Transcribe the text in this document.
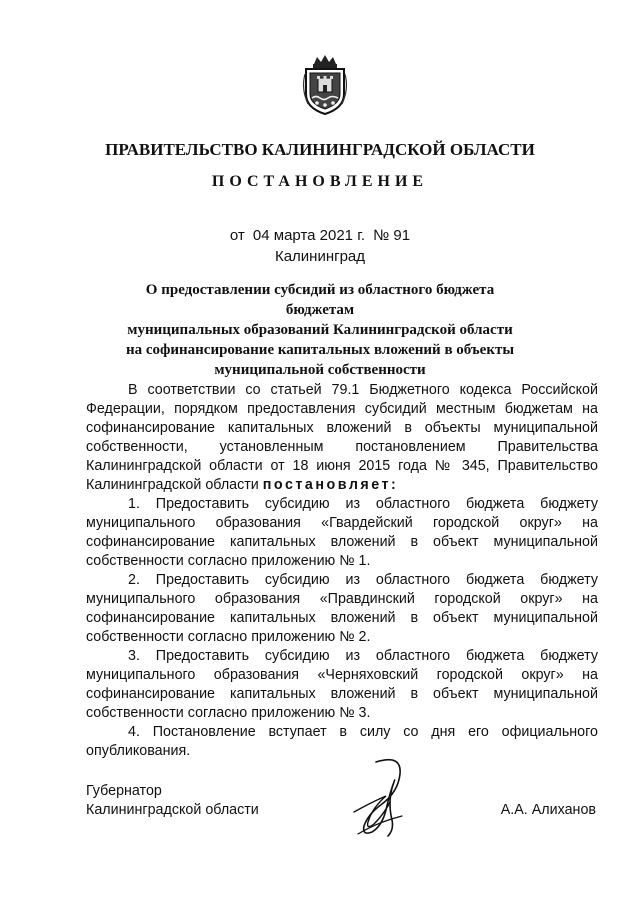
ПРАВИТЕЛЬСТВО КАЛИНИНГРАДСКОЙ ОБЛАСТИ
ПОСТАНОВЛЕНИЕ
от 04 марта 2021 г. № 91
Калининград
О предоставлении субсидий из областного бюджета бюджетам
муниципальных образований Калининградской области
на софинансирование капитальных вложений в объекты
муниципальной собственности

В соответствии со статьей 79.1 Бюджетного кодекса Российской Федерации, порядком предоставления субсидий местным бюджетам на софинансирование капитальных вложений в объекты муниципальной собственности, установленным постановлением Правительства Калининградской области от 18 июня 2015 года № 345, Правительство Калининградской области постановляет:

1. Предоставить субсидию из областного бюджета бюджету муниципального образования «Гвардейский городской округ» на софинансирование капитальных вложений в объект муниципальной собственности согласно приложению № 1.

2. Предоставить субсидию из областного бюджета бюджету муниципального образования «Правдинский городской округ» на софинансирование капитальных вложений в объект муниципальной собственности согласно приложению № 2.

3. Предоставить субсидию из областного бюджета бюджету муниципального образования «Черняховский городской округ» на софинансирование капитальных вложений в объект муниципальной собственности согласно приложению № 3.

4. Постановление вступает в силу со дня его официального опубликования.

Губернатор
Калининградской области	А.А. Алиханов
